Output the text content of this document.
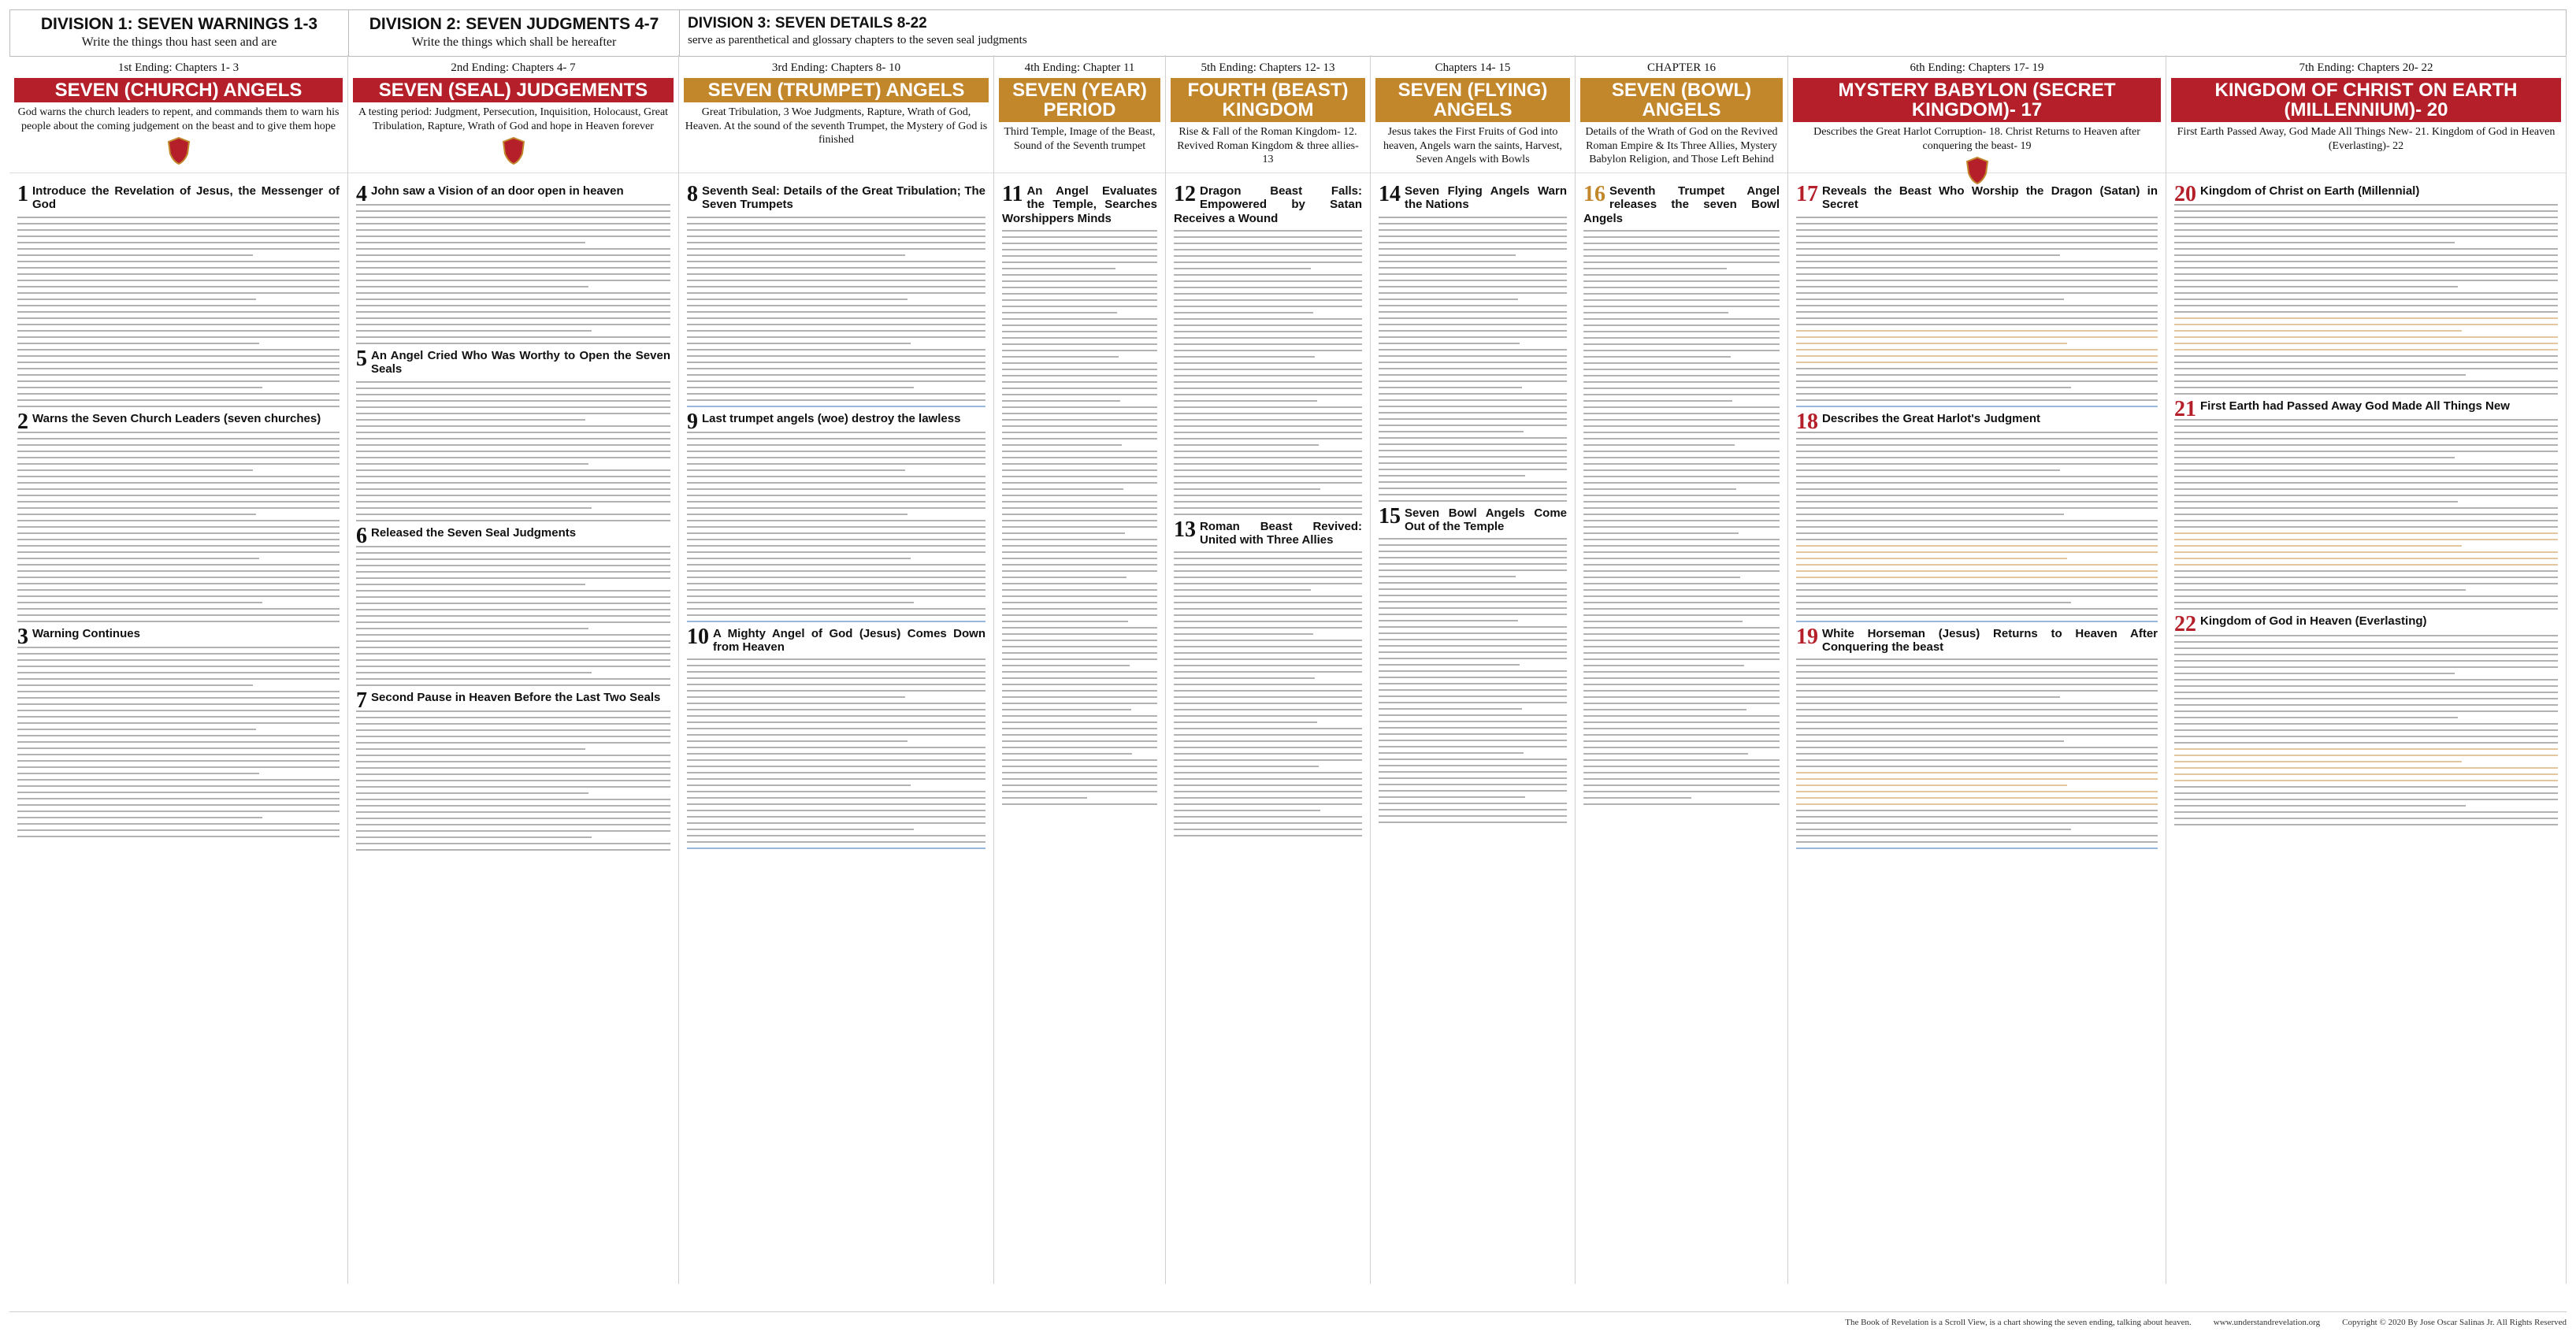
DIVISION 1: SEVEN WARNINGS 1-3
Write the things thou hast seen and are
DIVISION 2: SEVEN JUDGMENTS 4-7
Write the things which shall be hereafter
DIVISION 3: SEVEN DETAILS 8-22
serve as parenthetical and glossary chapters to the seven seal judgments
1st Ending: Chapters 1- 3
SEVEN (CHURCH) ANGELS
God warns the church leaders to repent, and commands them to warn his people about the coming judgement on the beast and to give them hope
1 Introduce the Revelation of Jesus, the Messenger of God
2 Warns the Seven Church Leaders (seven churches)
3 Warning Continues
2nd Ending: Chapters 4- 7
SEVEN (SEAL) JUDGEMENTS
A testing period: Judgment, Persecution, Inquisition, Holocaust, Great Tribulation, Rapture, Wrath of God and hope in Heaven forever
4 John saw a Vision of an door open in heaven
5 An Angel Cried Who Was Worthy to Open the Seven Seals
6 Released the Seven Seal Judgments
7 Second Pause in Heaven Before the Last Two Seals
3rd Ending: Chapters 8- 10
SEVEN (TRUMPET) ANGELS
Great Tribulation, 3 Woe Judgments, Rapture, Wrath of God, Heaven. At the sound of the seventh Trumpet, the Mystery of God is finished
8 Seventh Seal: Details of the Great Tribulation; The Seven Trumpets
9 Last trumpet angels (woe) destroy the lawless
10 A Mighty Angel of God (Jesus) Comes Down from Heaven
4th Ending: Chapter 11
SEVEN (YEAR) PERIOD
Third Temple, Image of the Beast, Sound of the Seventh trumpet
11 An Angel Evaluates the Temple, Searches Worshippers Minds
5th Ending: Chapters 12- 13
FOURTH (BEAST) KINGDOM
Rise & Fall of the Roman Kingdom- 12. Revived Roman Kingdom & three allies- 13
12 Dragon Beast Falls: Empowered by Satan Receives a Wound
13 Roman Beast Revived: United with Three Allies
Chapters 14- 15
SEVEN (FLYING) ANGELS
Jesus takes the First Fruits of God into heaven, Angels warn the saints, Harvest, Seven Angels with Bowls
14 Seven Flying Angels Warn the Nations
15 Seven Bowl Angels Come Out of the Temple
CHAPTER 16
SEVEN (BOWL) ANGELS
Details of the Wrath of God on the Revived Roman Empire & Its Three Allies, Mystery Babylon Religion, and Those Left Behind
16 Seventh Trumpet Angel releases the seven Bowl Angels
6th Ending: Chapters 17- 19
MYSTERY BABYLON (SECRET KINGDOM)- 17
Describes the Great Harlot Corruption- 18. Christ Returns to Heaven after conquering the beast- 19
17 Reveals the Beast Who Worship the Dragon (Satan) in Secret
18 Describes the Great Harlot's Judgment
19 White Horseman (Jesus) Returns to Heaven After Conquering the beast
7th Ending: Chapters 20- 22
KINGDOM OF CHRIST ON EARTH (MILLENNIUM)- 20
First Earth Passed Away, God Made All Things New- 21. Kingdom of God in Heaven (Everlasting)- 22
20 Kingdom of Christ on Earth (Millennial)
21 First Earth had Passed Away God Made All Things New
22 Kingdom of God in Heaven (Everlasting)
The Book of Revelation is a Scroll View, is a chart showing the seven ending, talking about heaven.	www.understandrevelation.org	Copyright © 2020 By Jose Oscar Salinas Jr. All Rights Reserved
